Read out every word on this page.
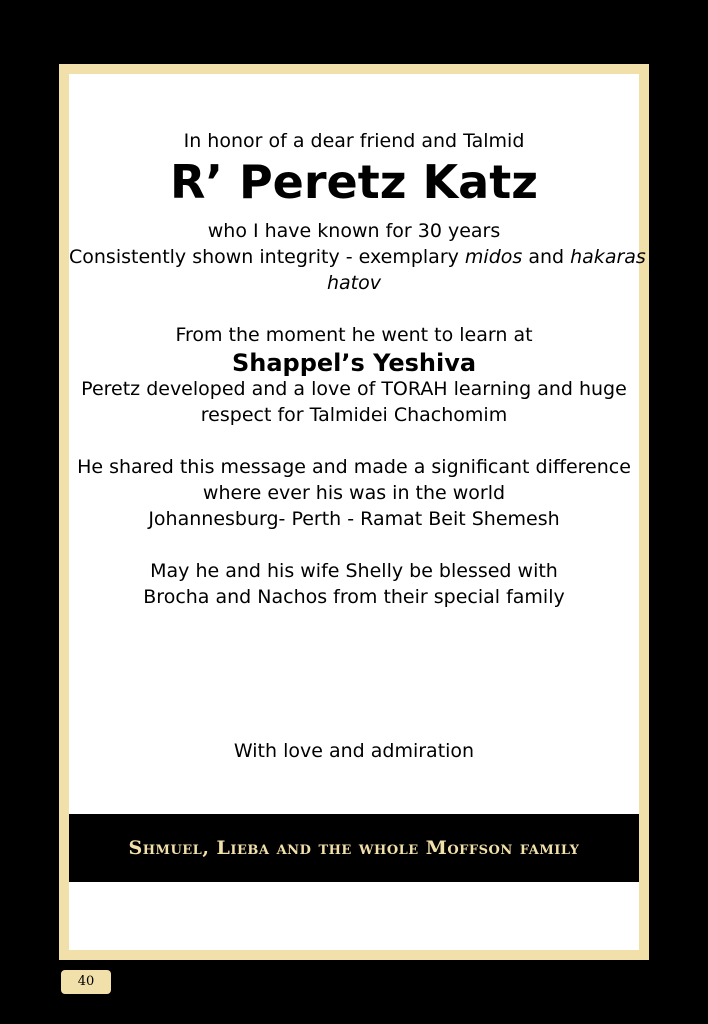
In honor of a dear friend and Talmid
R’ Peretz Katz
who I have known for 30 years
Consistently shown integrity - exemplary midos and hakaras
hatov
From the moment he went to learn at
Shappel’s Yeshiva
Peretz developed and a love of TORAH learning and huge
respect for Talmidei Chachomim
He shared this message and made a significant difference
where ever his was in the world
Johannesburg- Perth - Ramat Beit Shemesh
May he and his wife Shelly be blessed with
Brocha and Nachos from their special family
With love and admiration
Shmuel, Lieba and the whole Moffson family
40
